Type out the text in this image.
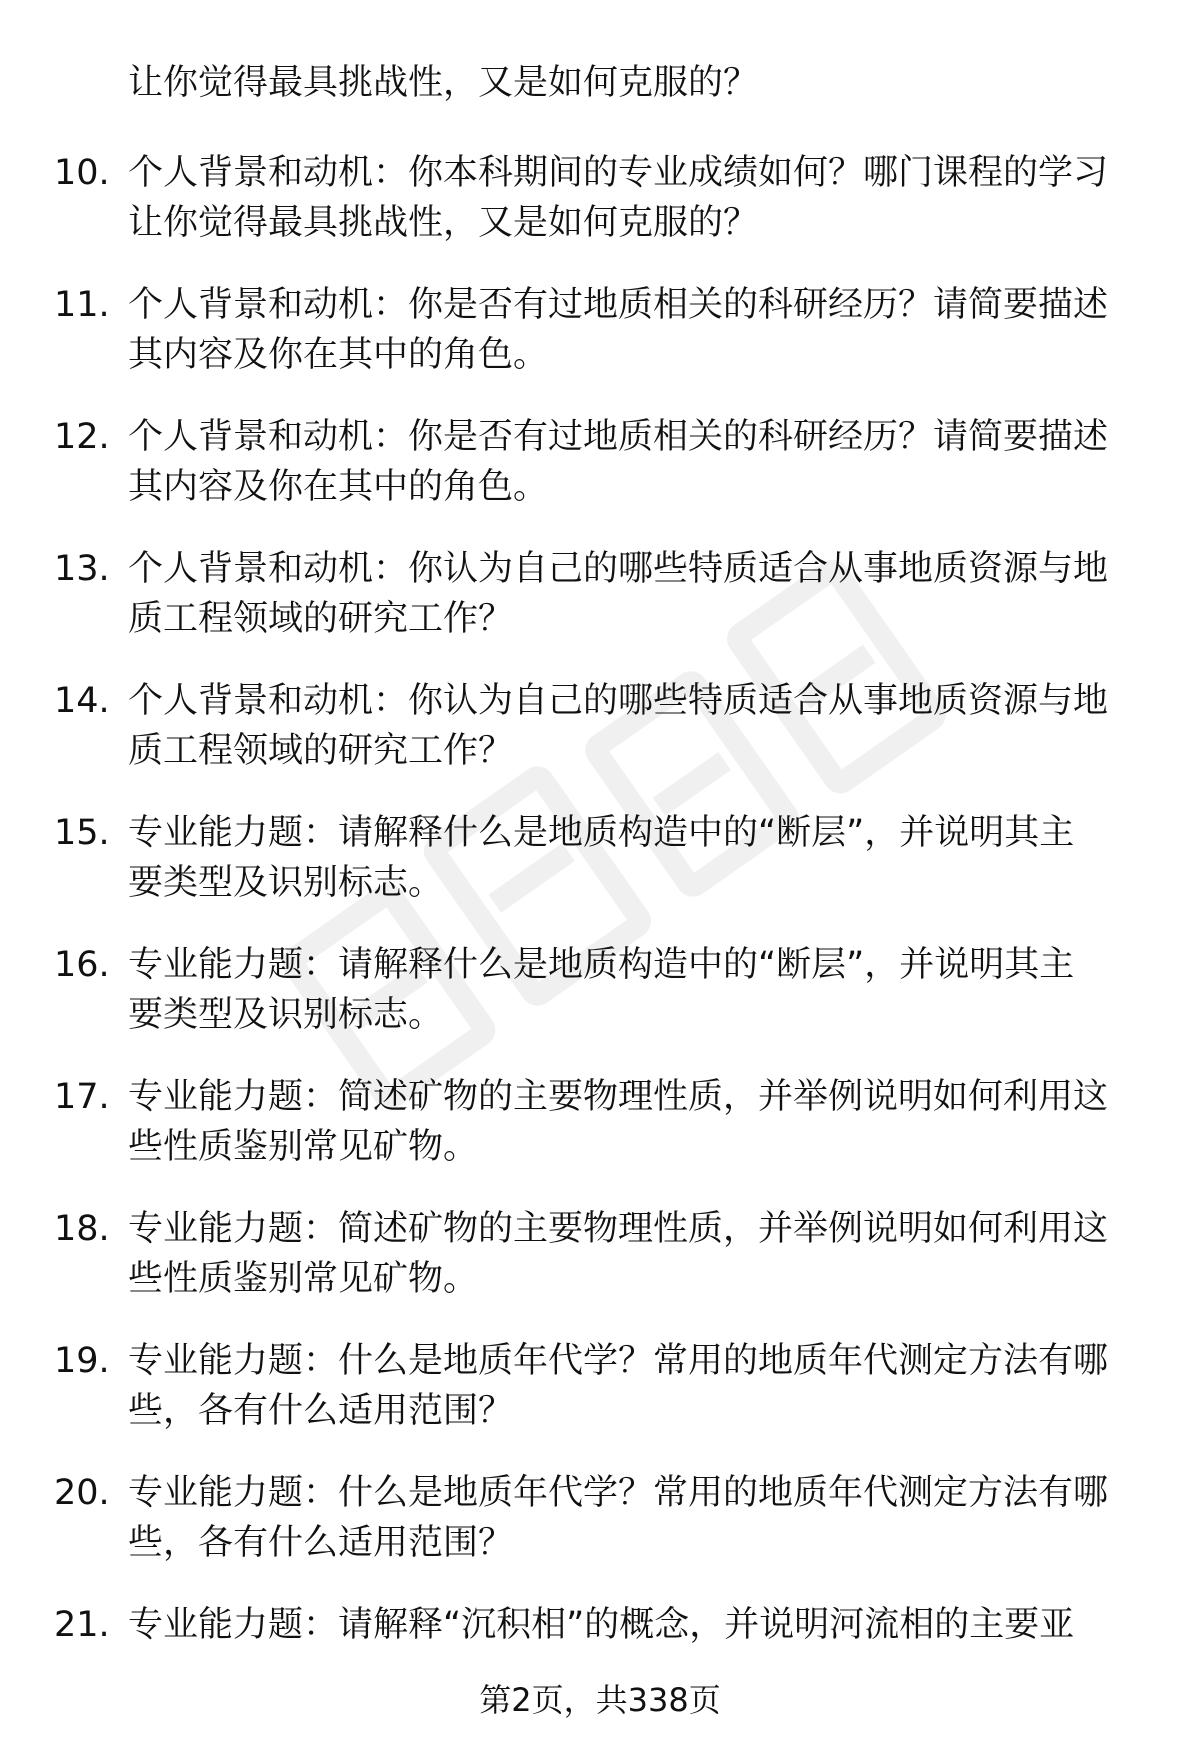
让你觉得最具挑战性，又是如何克服的？
10. 个人背景和动机：你本科期间的专业成绩如何？哪门课程的学习
让你觉得最具挑战性，又是如何克服的？
11. 个人背景和动机：你是否有过地质相关的科研经历？请简要描述
其内容及你在其中的角色。
12. 个人背景和动机：你是否有过地质相关的科研经历？请简要描述
其内容及你在其中的角色。
13. 个人背景和动机：你认为自己的哪些特质适合从事地质资源与地
质工程领域的研究工作？
14. 个人背景和动机：你认为自己的哪些特质适合从事地质资源与地
质工程领域的研究工作？
15. 专业能力题：请解释什么是地质构造中的“断层”，并说明其主
要类型及识别标志。
16. 专业能力题：请解释什么是地质构造中的“断层”，并说明其主
要类型及识别标志。
17. 专业能力题：简述矿物的主要物理性质，并举例说明如何利用这
些性质鉴别常见矿物。
18. 专业能力题：简述矿物的主要物理性质，并举例说明如何利用这
些性质鉴别常见矿物。
19. 专业能力题：什么是地质年代学？常用的地质年代测定方法有哪
些，各有什么适用范围？
20. 专业能力题：什么是地质年代学？常用的地质年代测定方法有哪
些，各有什么适用范围？
21. 专业能力题：请解释“沉积相”的概念，并说明河流相的主要亚
第2页，共338页
